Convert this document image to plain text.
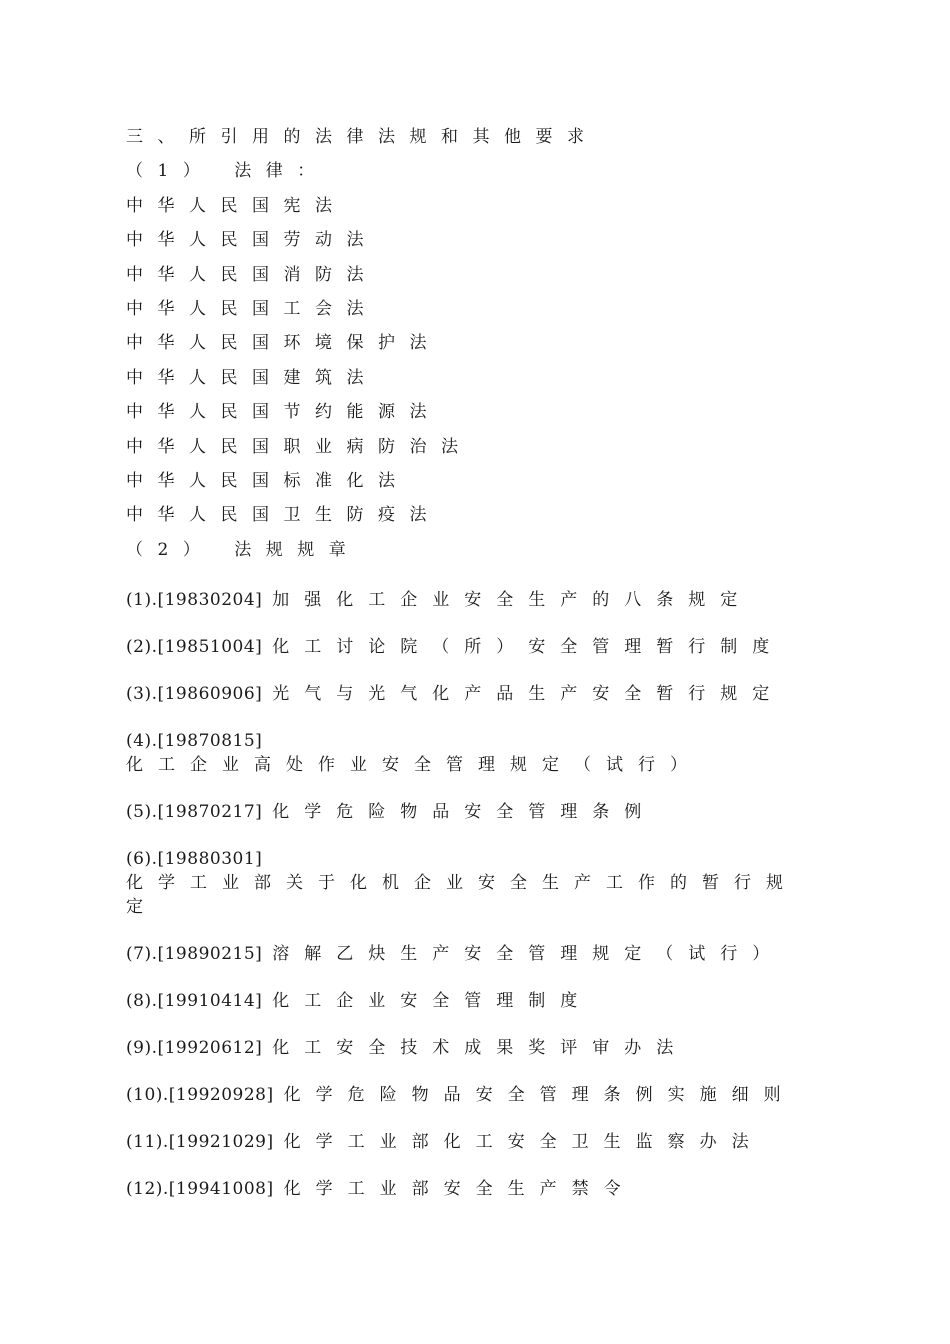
三、所引用的法律法规和其他要求
（1） 法律：
中华人民国宪法
中华人民国劳动法
中华人民国消防法
中华人民国工会法
中华人民国环境保护法
中华人民国建筑法
中华人民国节约能源法
中华人民国职业病防治法
中华人民国标准化法
中华人民国卫生防疫法
（2） 法规规章
(1).[19830204] 加强化工企业安全生产的八条规定
(2).[19851004] 化工讨论院（所）安全管理暂行制度
(3).[19860906] 光气与光气化产品生产安全暂行规定
(4).[19870815]
化工企业高处作业安全管理规定（试行）
(5).[19870217] 化学危险物品安全管理条例
(6).[19880301]
化学工业部关于化机企业安全生产工作的暂行规定
(7).[19890215] 溶解乙炔生产安全管理规定（试行）
(8).[19910414] 化工企业安全管理制度
(9).[19920612] 化工安全技术成果奖评审办法
(10).[19920928] 化学危险物品安全管理条例实施细则
(11).[19921029] 化学工业部化工安全卫生监察办法
(12).[19941008] 化学工业部安全生产禁令
